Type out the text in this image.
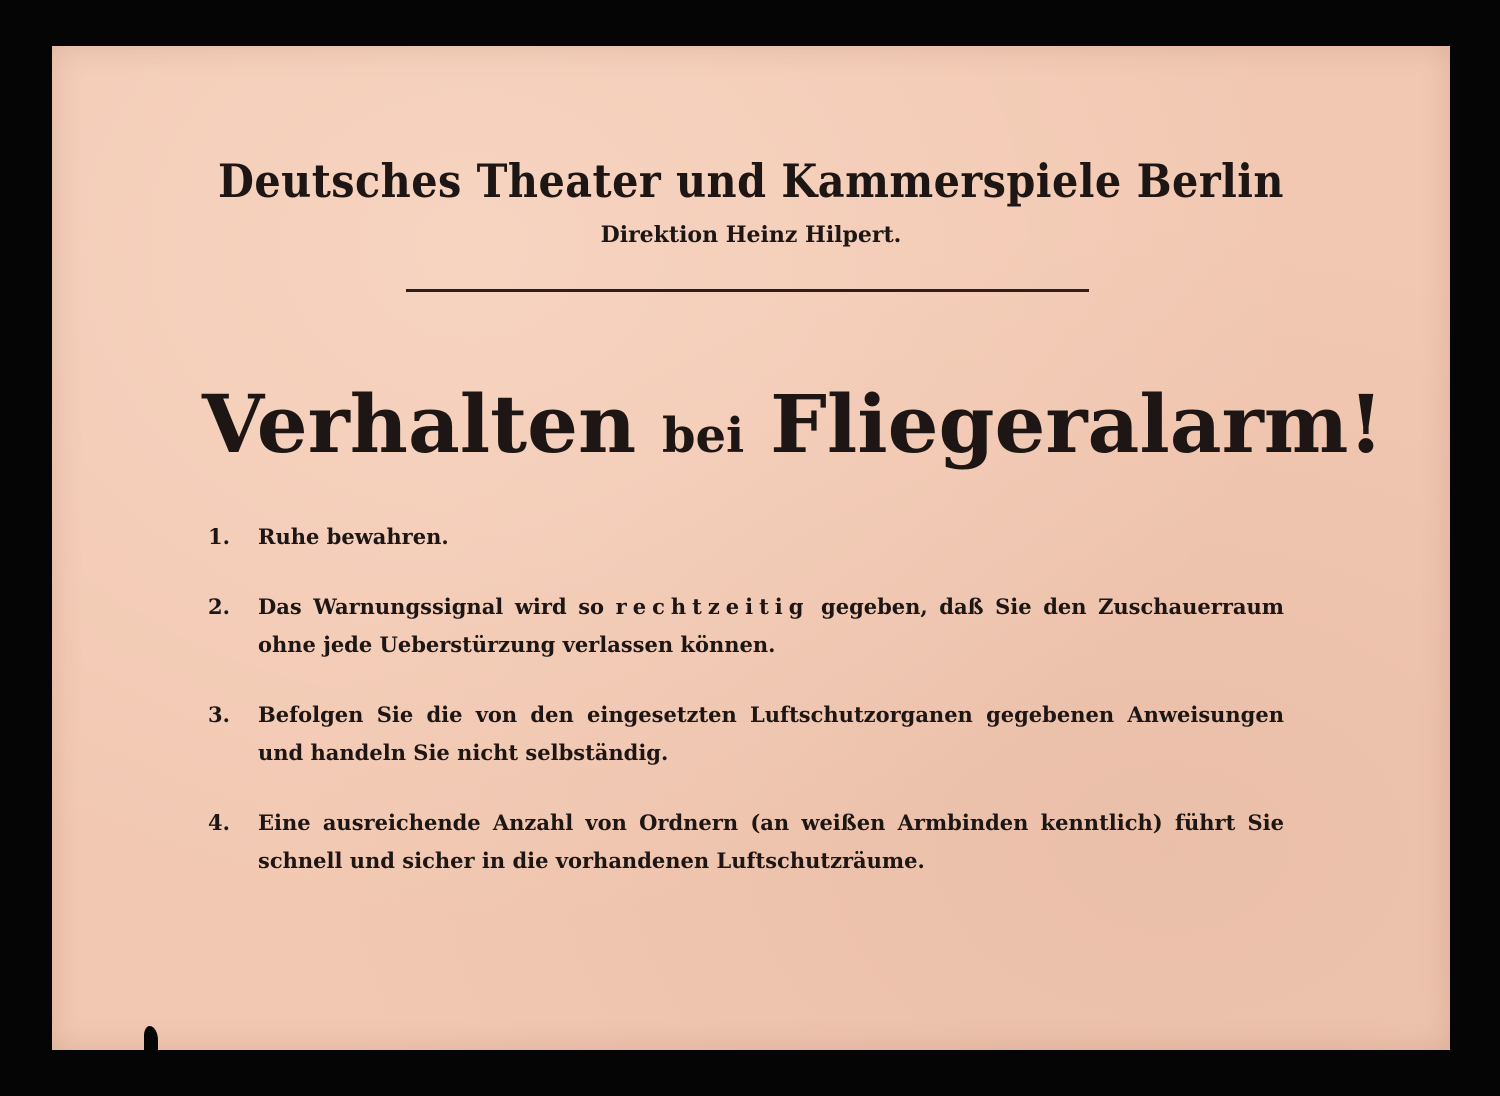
Deutsches Theater und Kammerspiele Berlin
Direktion Heinz Hilpert.
Verhalten bei Fliegeralarm!
1. Ruhe bewahren.
2. Das Warnungssignal wird so rechtzeitig gegeben, daß Sie den Zuschauerraum ohne jede Ueberstürzung verlassen können.
3. Befolgen Sie die von den eingesetzten Luftschutzorganen gegebenen Anweisungen und handeln Sie nicht selbständig.
4. Eine ausreichende Anzahl von Ordnern (an weißen Armbinden kenntlich) führt Sie schnell und sicher in die vorhandenen Luftschutzräume.
